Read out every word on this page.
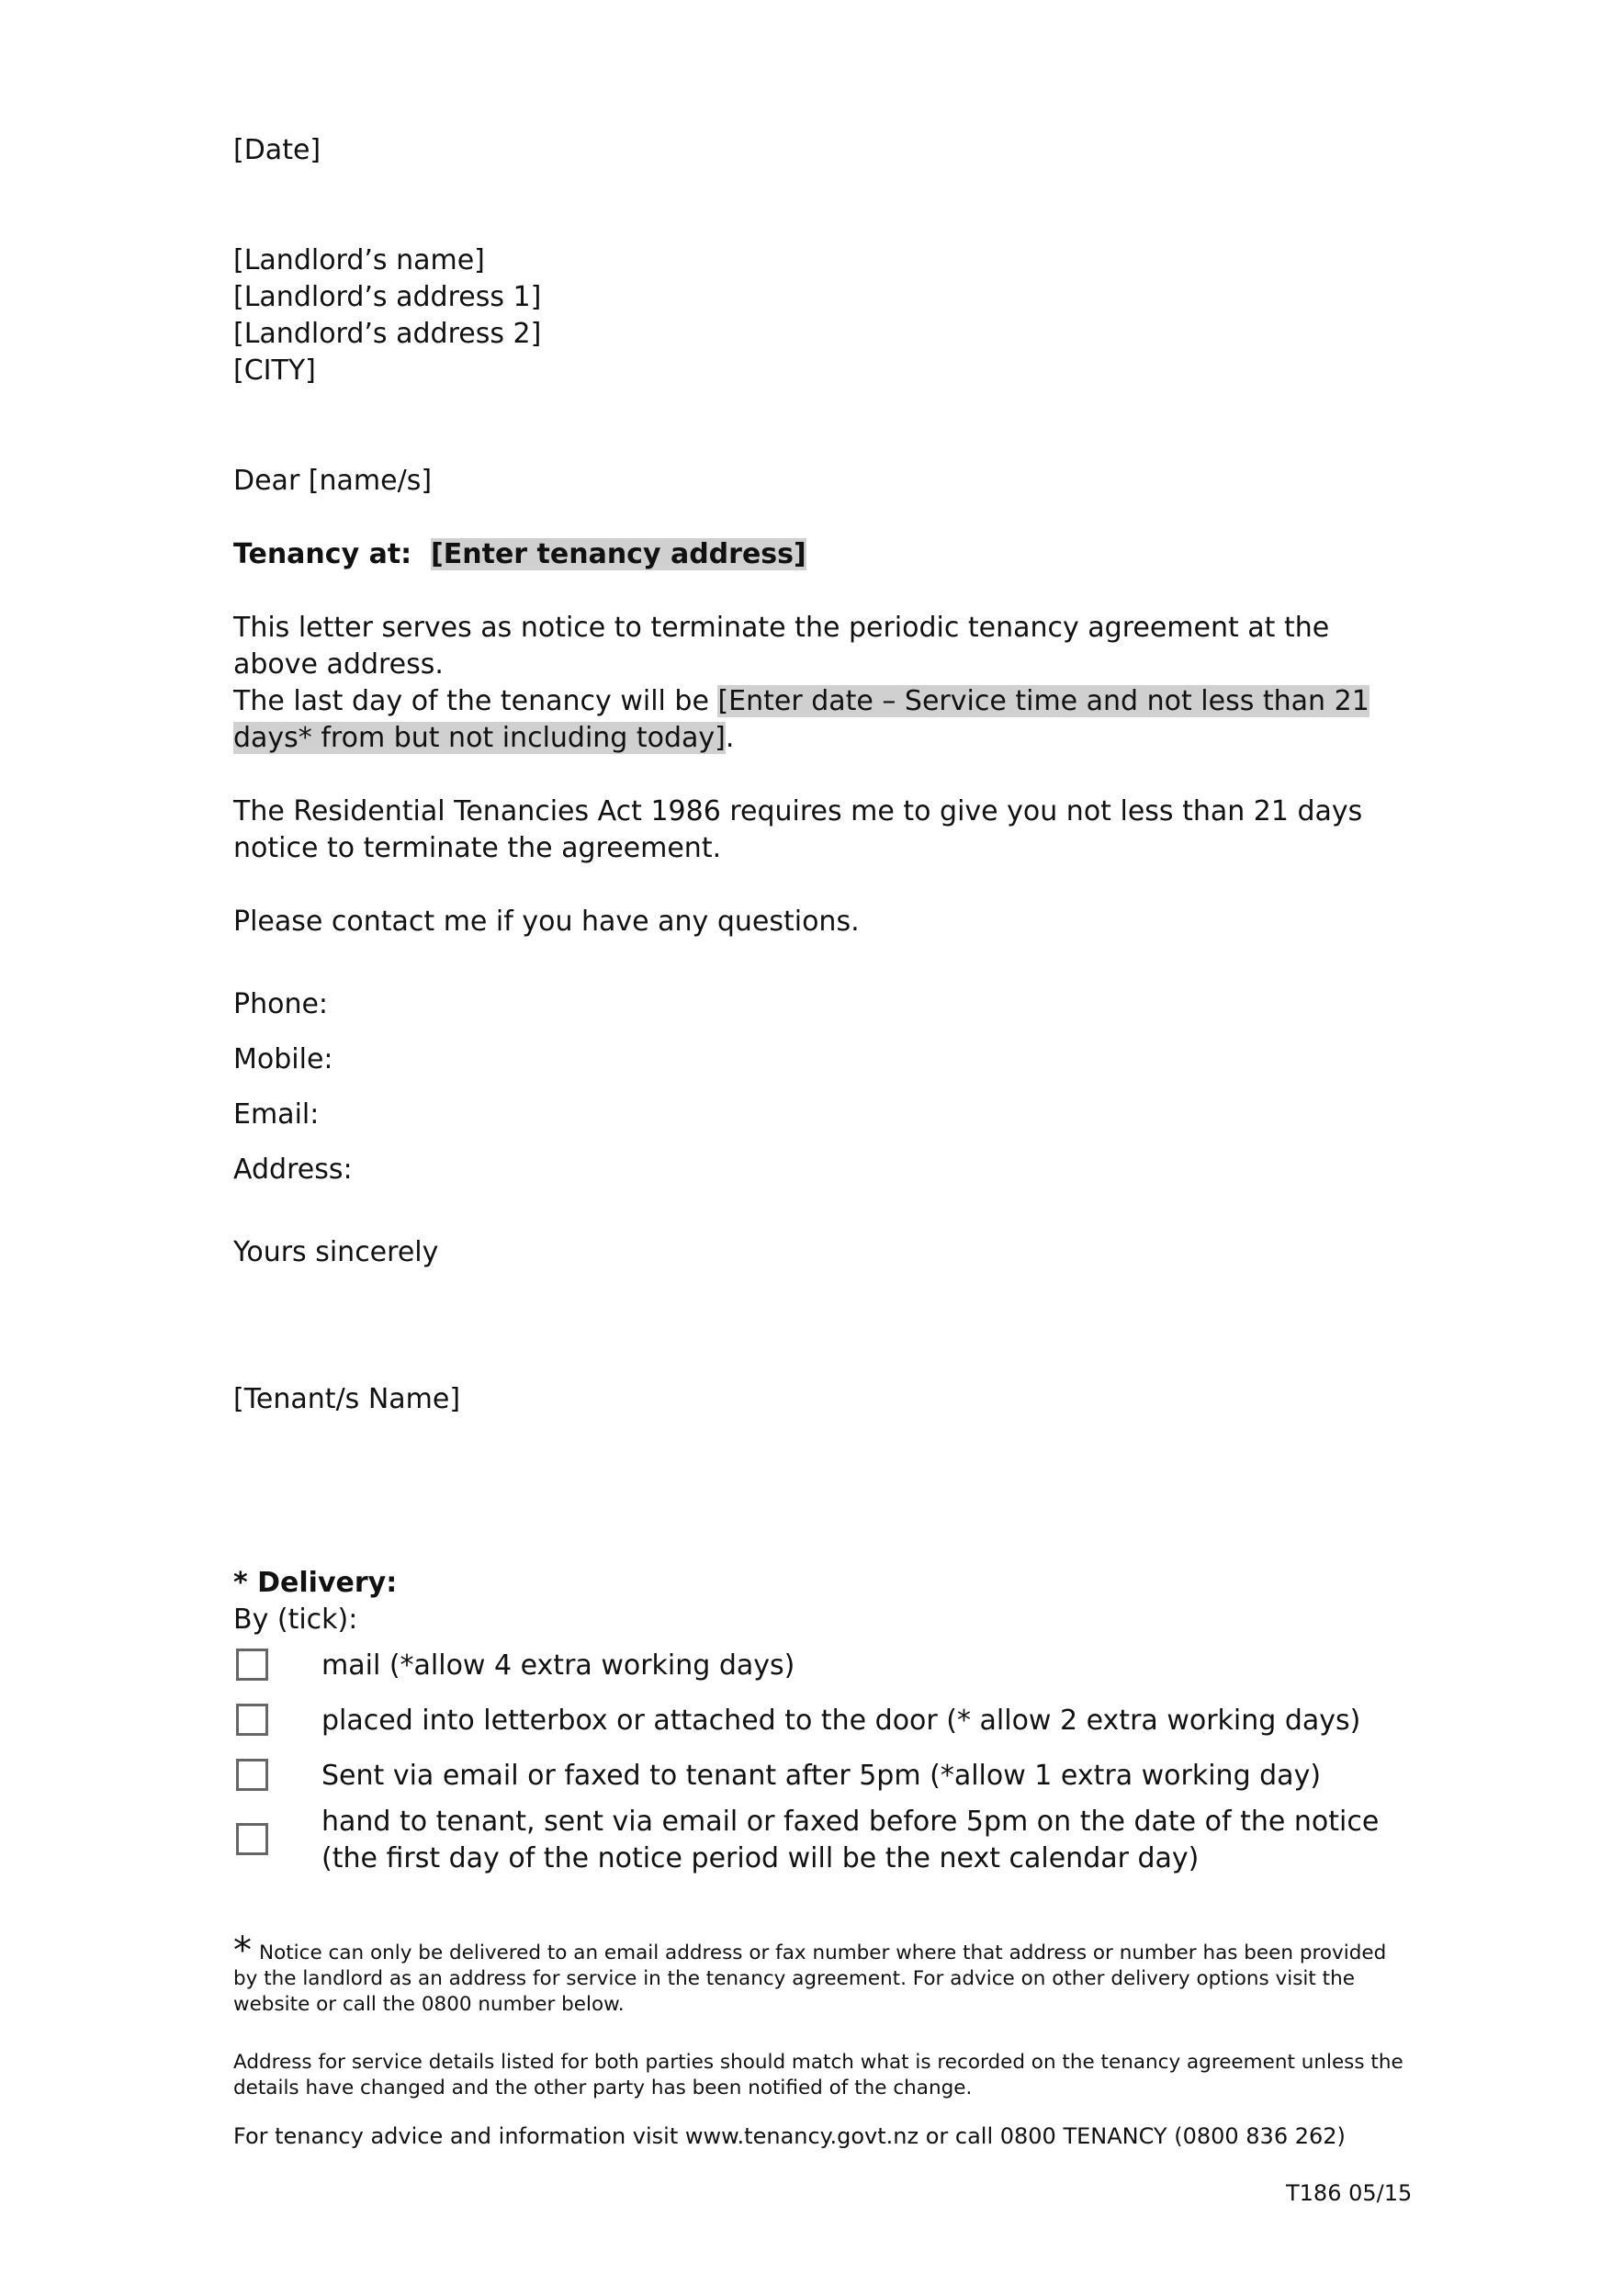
[Date]
[Landlord’s name]
[Landlord’s address 1]
[Landlord’s address 2]
[CITY]
Dear [name/s]
Tenancy at: [Enter tenancy address]
This letter serves as notice to terminate the periodic tenancy agreement at the above address.
The last day of the tenancy will be [Enter date – Service time and not less than 21 days* from but not including today].
The Residential Tenancies Act 1986 requires me to give you not less than 21 days notice to terminate the agreement.
Please contact me if you have any questions.
Phone:
Mobile:
Email:
Address:
Yours sincerely
[Tenant/s Name]
* Delivery:
By (tick):
mail (*allow 4 extra working days)
placed into letterbox or attached to the door (* allow 2 extra working days)
Sent via email or faxed to tenant after 5pm (*allow 1 extra working day)
hand to tenant, sent via email or faxed before 5pm on the date of the notice
(the first day of the notice period will be the next calendar day)
* Notice can only be delivered to an email address or fax number where that address or number has been provided by the landlord as an address for service in the tenancy agreement. For advice on other delivery options visit the website or call the 0800 number below.
Address for service details listed for both parties should match what is recorded on the tenancy agreement unless the details have changed and the other party has been notified of the change.
For tenancy advice and information visit www.tenancy.govt.nz or call 0800 TENANCY (0800 836 262)
T186 05/15
